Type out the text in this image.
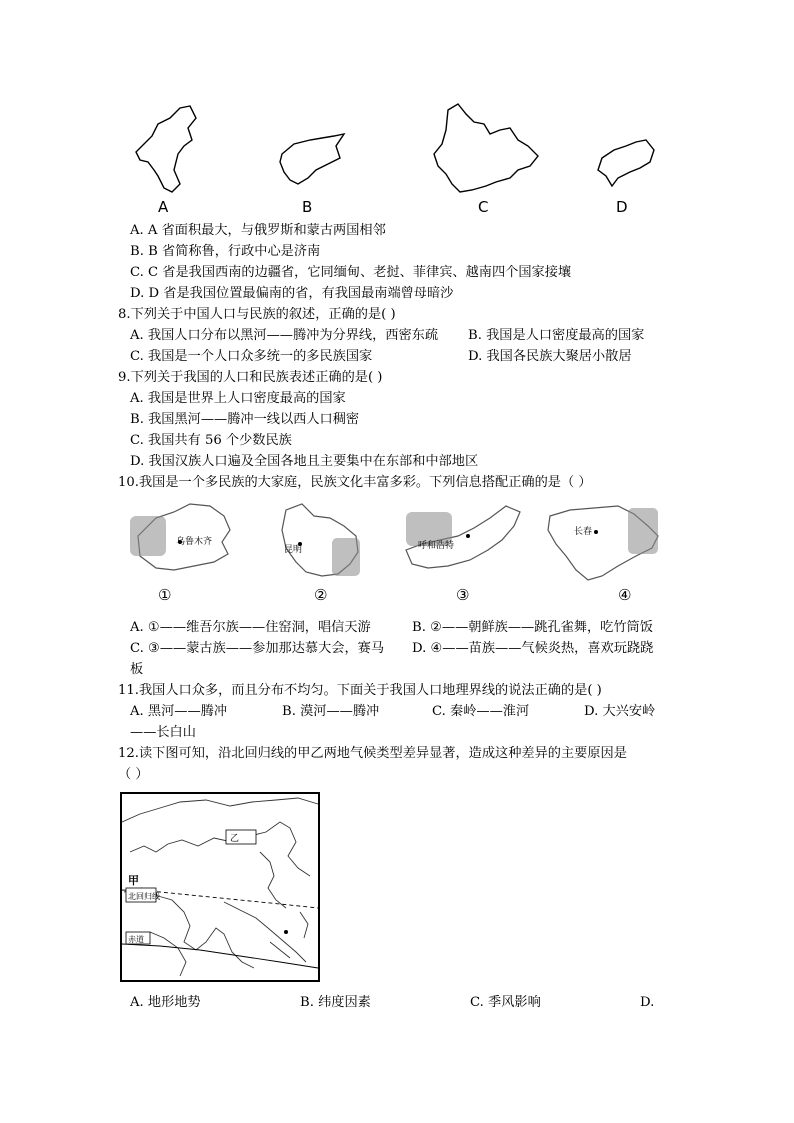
A	B	C	D
A. A 省面积最大，与俄罗斯和蒙古两国相邻
B. B 省简称鲁，行政中心是济南
C. C 省是我国西南的边疆省，它同缅甸、老挝、菲律宾、越南四个国家接壤
D. D 省是我国位置最偏南的省，有我国最南端曾母暗沙
8.下列关于中国人口与民族的叙述，正确的是( )
A. 我国人口分布以黑河——腾冲为分界线，西密东疏 B. 我国是人口密度最高的国家
C. 我国是一个人口众多统一的多民族国家	D. 我国各民族大聚居小散居
9.下列关于我国的人口和民族表述正确的是( )
A. 我国是世界上人口密度最高的国家
B. 我国黑河——腾冲一线以西人口稠密
C. 我国共有 56 个少数民族
D. 我国汉族人口遍及全国各地且主要集中在东部和中部地区
10.我国是一个多民族的大家庭，民族文化丰富多彩。下列信息搭配正确的是（ ）
乌鲁木齐
昆明	呼和浩特
长春
①	②	③	④
A. ①——维吾尔族——住窑洞，唱信天游	B. ②——朝鲜族——跳孔雀舞，吃竹筒饭
C. ③——蒙古族——参加那达慕大会，赛马 D. ④——苗族——气候炎热，喜欢玩跷跷
板
11.我国人口众多，而且分布不均匀。下面关于我国人口地理界线的说法正确的是( )
A. 黑河——腾冲	B. 漠河——腾冲	C. 秦岭——淮河	D. 大兴安岭
——长白山
12.读下图可知，沿北回归线的甲乙两地气候类型差异显著，造成这种差异的主要原因是
（ ）
乙
甲
北回归线
赤道
A. 地形地势	B. 纬度因素	C. 季风影响	D.
